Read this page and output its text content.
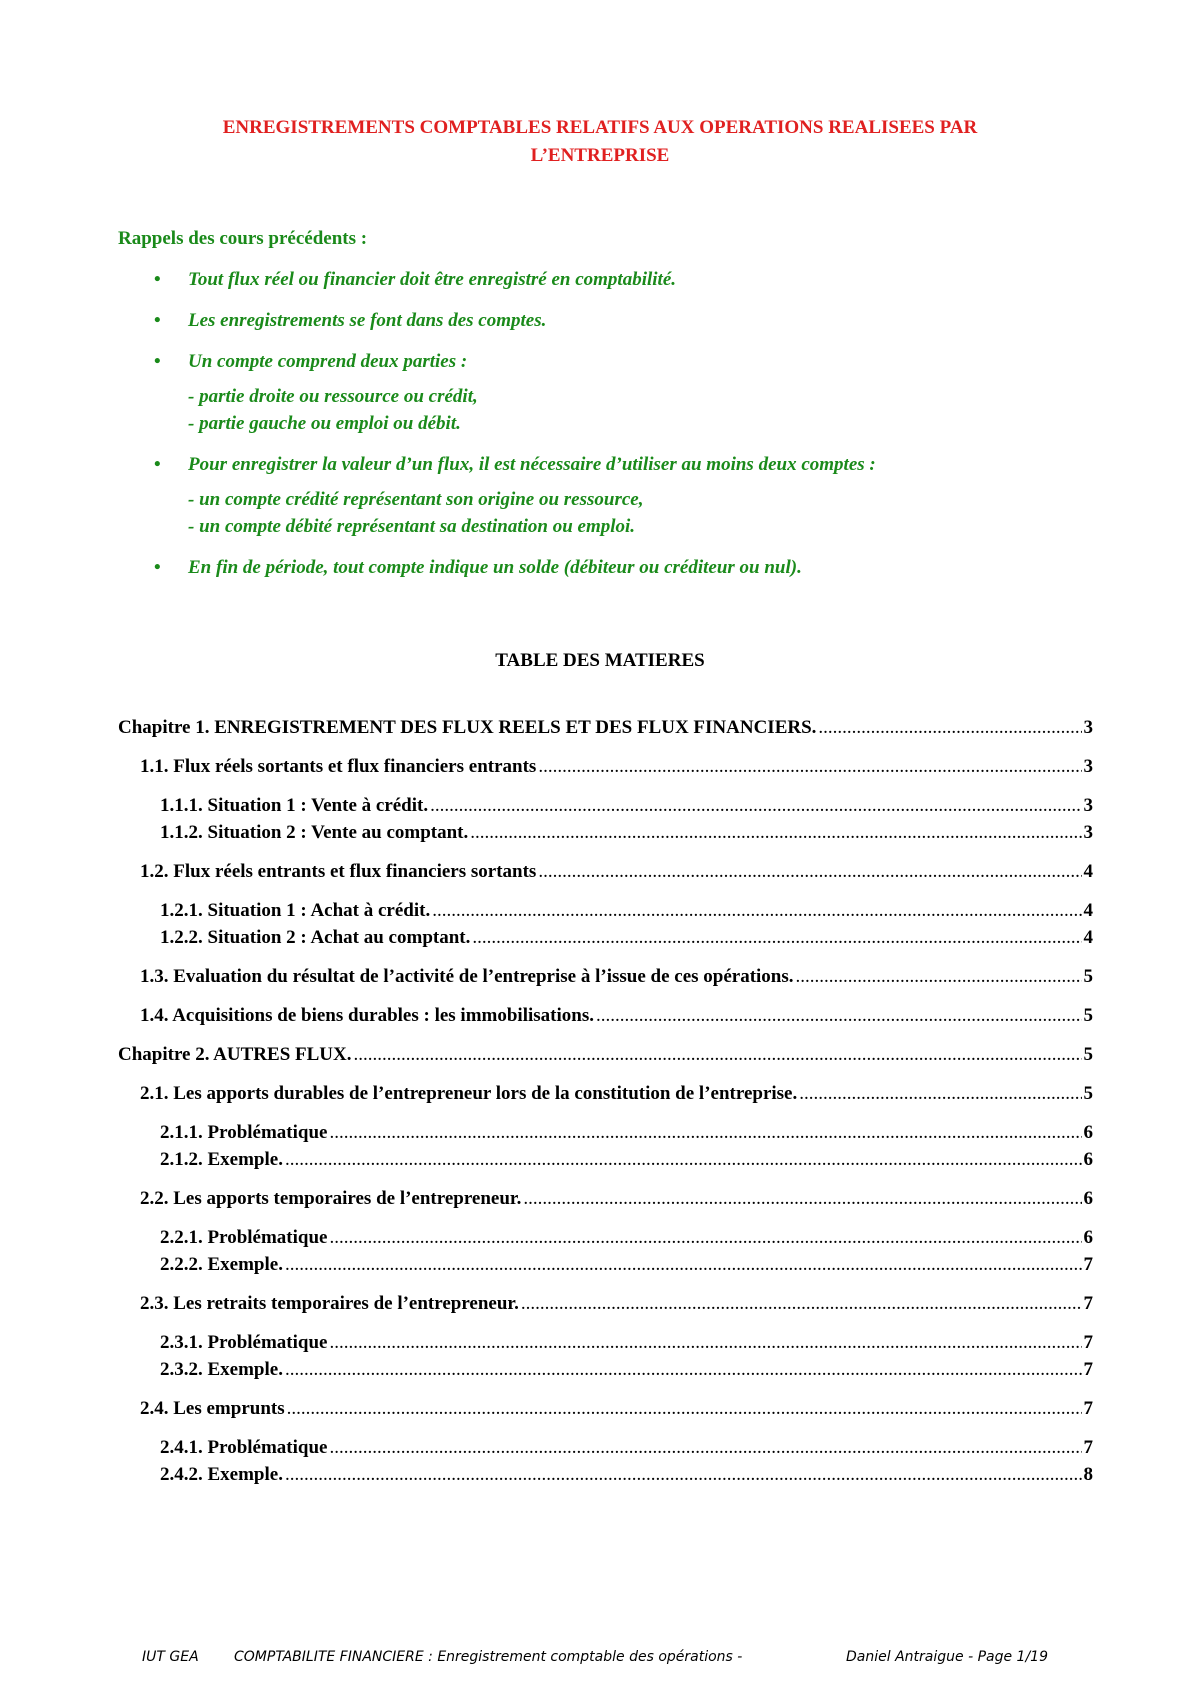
ENREGISTREMENTS COMPTABLES RELATIFS AUX OPERATIONS REALISEES PAR
L’ENTREPRISE
Rappels des cours précédents :
• Tout flux réel ou financier doit être enregistré en comptabilité.
• Les enregistrements se font dans des comptes.
• Un compte comprend deux parties :
- partie droite ou ressource ou crédit,
- partie gauche ou emploi ou débit.
• Pour enregistrer la valeur d’un flux, il est nécessaire d’utiliser au moins deux comptes :
- un compte crédité représentant son origine ou ressource,
- un compte débité représentant sa destination ou emploi.
• En fin de période, tout compte indique un solde (débiteur ou créditeur ou nul).
TABLE DES MATIERES
Chapitre 1. ENREGISTREMENT DES FLUX REELS ET DES FLUX FINANCIERS. .....	3
1.1. Flux réels sortants et flux financiers entrants .....	3
1.1.1. Situation 1 : Vente à crédit. .....	3
1.1.2. Situation 2 : Vente au comptant. .....	3
1.2. Flux réels entrants et flux financiers sortants .....	4
1.2.1. Situation 1 : Achat à crédit. .....	4
1.2.2. Situation 2 : Achat au comptant. .....	4
1.3. Evaluation du résultat de l’activité de l’entreprise à l’issue de ces opérations. .....	5
1.4. Acquisitions de biens durables : les immobilisations. .....	5
Chapitre 2. AUTRES FLUX. .....	5
2.1. Les apports durables de l’entrepreneur lors de la constitution de l’entreprise. .....	5
2.1.1. Problématique .....	6
2.1.2. Exemple. .....	6
2.2. Les apports temporaires de l’entrepreneur. .....	6
2.2.1. Problématique .....	6
2.2.2. Exemple. .....	7
2.3. Les retraits temporaires de l’entrepreneur. .....	7
2.3.1. Problématique .....	7
2.3.2. Exemple. .....	7
2.4. Les emprunts .....	7
2.4.1. Problématique .....	7
2.4.2. Exemple. .....	8
IUT GEA	COMPTABILITE FINANCIERE : Enregistrement comptable des opérations -	Daniel Antraigue - Page 1/19
